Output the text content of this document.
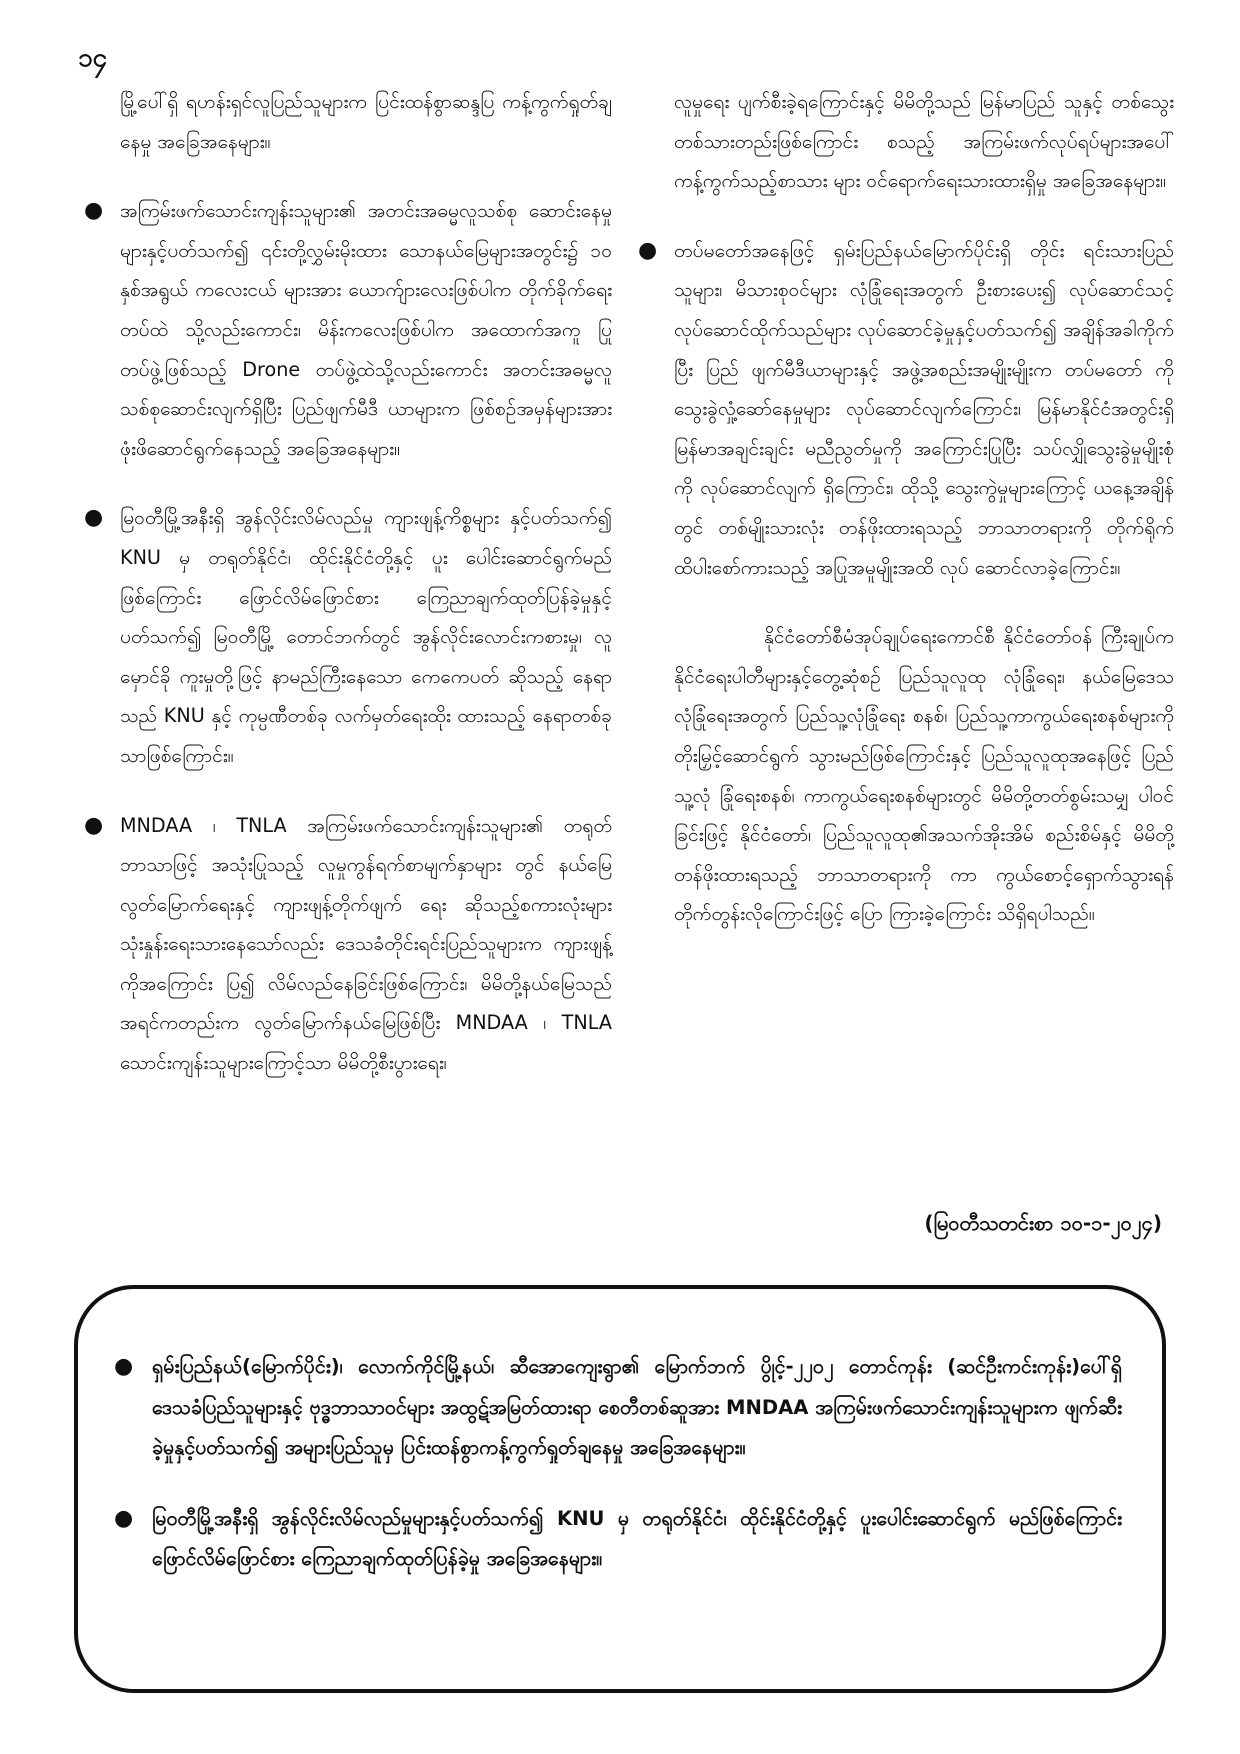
၁၄

မြို့ပေါ်ရှိ ရဟန်းရှင်လူပြည်သူများက ပြင်းထန်စွာဆန္ဒပြ ကန့်ကွက်ရှုတ်ချနေမှု အခြေအနေများ။

● အကြမ်းဖက်သောင်းကျန်းသူများ၏ အတင်းအဓမ္မလူသစ်စု ဆောင်းနေမှုများနှင့်ပတ်သက်၍ ၎င်းတို့လွှမ်းမိုးထား သောနယ်မြေများအတွင်း၌ ၁၀ နှစ်အရွယ် ကလေးငယ် များအား ယောက်ျားလေးဖြစ်ပါက တိုက်ခိုက်ရေးတပ်ထဲ သို့လည်းကောင်း၊ မိန်းကလေးဖြစ်ပါက အထောက်အကူ ပြုတပ်ဖွဲ့ဖြစ်သည့် Drone တပ်ဖွဲ့ထဲသို့လည်းကောင်း အတင်းအဓမ္မလူသစ်စုဆောင်းလျက်ရှိပြီး ပြည်ဖျက်မီဒီ ယာများက ဖြစ်စဉ်အမှန်များအား ဖုံးဖိဆောင်ရွက်နေသည့် အခြေအနေများ။
● မြဝတီမြို့အနီးရှိ အွန်လိုင်းလိမ်လည်မှု ကျားဖျန့်ကိစ္စများ နှင့်ပတ်သက်၍ KNU မှ တရုတ်နိုင်ငံ၊ ထိုင်းနိုင်ငံတို့နှင့် ပူး ပေါင်းဆောင်ရွက်မည်ဖြစ်ကြောင်း ဖြောင်လိမ်ဖြောင်စား ကြေညာချက်ထုတ်ပြန်ခဲ့မှုနှင့်ပတ်သက်၍ မြဝတီမြို့ တောင်ဘက်တွင် အွန်လိုင်းလောင်းကစားမှု၊ လူမှောင်ခို ကူးမှုတို့ဖြင့် နာမည်ကြီးနေသော ကေကေပတ် ဆိုသည့် နေရာသည် KNU နှင့် ကုမ္ပဏီတစ်ခု လက်မှတ်ရေးထိုး ထားသည့် နေရာတစ်ခုသာဖြစ်ကြောင်း။
● MNDAA ၊ TNLA အကြမ်းဖက်သောင်းကျန်းသူများ၏ တရုတ် ဘာသာဖြင့် အသုံးပြုသည့် လူမှုကွန်ရက်စာမျက်နှာများ တွင် နယ်မြေလွတ်မြောက်ရေးနှင့် ကျားဖျန့်တိုက်ဖျက် ရေး ဆိုသည့်စကားလုံးများ သုံးနှုန်းရေးသားနေသော်လည်း ဒေသခံတိုင်းရင်းပြည်သူများက ကျားဖျန့်ကိုအကြောင်း ပြ၍ လိမ်လည်နေခြင်းဖြစ်ကြောင်း၊ မိမိတို့နယ်မြေသည် အရင်ကတည်းက လွတ်မြောက်နယ်မြေဖြစ်ပြီး MNDAA ၊ TNLA သောင်းကျန်းသူများကြောင့်သာ မိမိတို့စီးပွားရေး၊

လူမှုရေး ပျက်စီးခဲ့ရကြောင်းနှင့် မိမိတို့သည် မြန်မာပြည် သူနှင့် တစ်သွေးတစ်သားတည်းဖြစ်ကြောင်း စသည့် အကြမ်းဖက်လုပ်ရပ်များအပေါ် ကန့်ကွက်သည့်စာသား များ ဝင်ရောက်ရေးသားထားရှိမှု အခြေအနေများ။

● တပ်မတော်အနေဖြင့် ရှမ်းပြည်နယ်မြောက်ပိုင်းရှိ တိုင်း ရင်းသားပြည်သူများ၊ မိသားစုဝင်များ လုံခြုံရေးအတွက် ဦးစားပေး၍ လုပ်ဆောင်သင့်လုပ်ဆောင်ထိုက်သည်များ လုပ်ဆောင်ခဲ့မှုနှင့်ပတ်သက်၍ အချိန်အခါကိုက်ပြီး ပြည် ဖျက်မီဒီယာများနှင့် အဖွဲ့အစည်းအမျိုးမျိုးက တပ်မတော် ကို သွေးခွဲလှုံ့ဆော်နေမှုများ လုပ်ဆောင်လျက်ကြောင်း၊ မြန်မာနိုင်ငံအတွင်းရှိ မြန်မာအချင်းချင်း မညီညွတ်မှုကို အကြောင်းပြုပြီး သပ်လျှိုသွေးခွဲမှုမျိုးစုံကို လုပ်ဆောင်လျက် ရှိကြောင်း၊ ထိုသို့ သွေးကွဲမှုများကြောင့် ယနေ့အချိန်တွင် တစ်မျိုးသားလုံး တန်ဖိုးထားရသည့် ဘာသာတရားကို တိုက်ရိုက်ထိပါးစော်ကားသည့် အပြုအမူမျိုးအထိ လုပ် ဆောင်လာခဲ့ကြောင်း။

နိုင်ငံတော်စီမံအုပ်ချုပ်ရေးကောင်စီ နိုင်ငံတော်ဝန် ကြီးချုပ်က နိုင်ငံရေးပါတီများနှင့်တွေ့ဆုံစဉ် ပြည်သူလူထု လုံခြုံရေး၊ နယ်မြေဒေသလုံခြုံရေးအတွက် ပြည်သူ့လုံခြုံရေး စနစ်၊ ပြည်သူ့ကာကွယ်ရေးစနစ်များကို တိုးမြှင့်ဆောင်ရွက် သွားမည်ဖြစ်ကြောင်းနှင့် ပြည်သူလူထုအနေဖြင့် ပြည်သူ့လုံ ခြုံရေးစနစ်၊ ကာကွယ်ရေးစနစ်များတွင် မိမိတို့တတ်စွမ်းသမျှ ပါဝင်ခြင်းဖြင့် နိုင်ငံတော်၊ ပြည်သူလူထု၏အသက်အိုးအိမ် စည်းစိမ်နှင့် မိမိတို့တန်ဖိုးထားရသည့် ဘာသာတရားကို ကာ ကွယ်စောင့်ရှောက်သွားရန် တိုက်တွန်းလိုကြောင်းဖြင့် ပြော ကြားခဲ့ကြောင်း သိရှိရပါသည်။

(မြဝတီသတင်းစာ ၁၀-၁-၂၀၂၄)
● ရှမ်းပြည်နယ်(မြောက်ပိုင်း)၊ လောက်ကိုင်မြို့နယ်၊ ဆီအောကျေးရွာ၏ မြောက်ဘက် ပွိုင့်-၂၂၀၂ တောင်ကုန်း (ဆင်ဦးကင်းကုန်း)ပေါ်ရှိ ဒေသခံပြည်သူများနှင့် ဗုဒ္ဓဘာသာဝင်များ အထွဋ်အမြတ်ထားရာ စေတီတစ်ဆူအား MNDAA အကြမ်းဖက်သောင်းကျန်းသူများက ဖျက်ဆီးခဲ့မှုနှင့်ပတ်သက်၍ အများပြည်သူမှ ပြင်းထန်စွာကန့်ကွက်ရှုတ်ချနေမှု အခြေအနေများ။
● မြဝတီမြို့အနီးရှိ အွန်လိုင်းလိမ်လည်မှုများနှင့်ပတ်သက်၍ KNU မှ တရုတ်နိုင်ငံ၊ ထိုင်းနိုင်ငံတို့နှင့် ပူးပေါင်းဆောင်ရွက် မည်ဖြစ်ကြောင်း ဖြောင်လိမ်ဖြောင်စား ကြေညာချက်ထုတ်ပြန်ခဲ့မှု အခြေအနေများ။
